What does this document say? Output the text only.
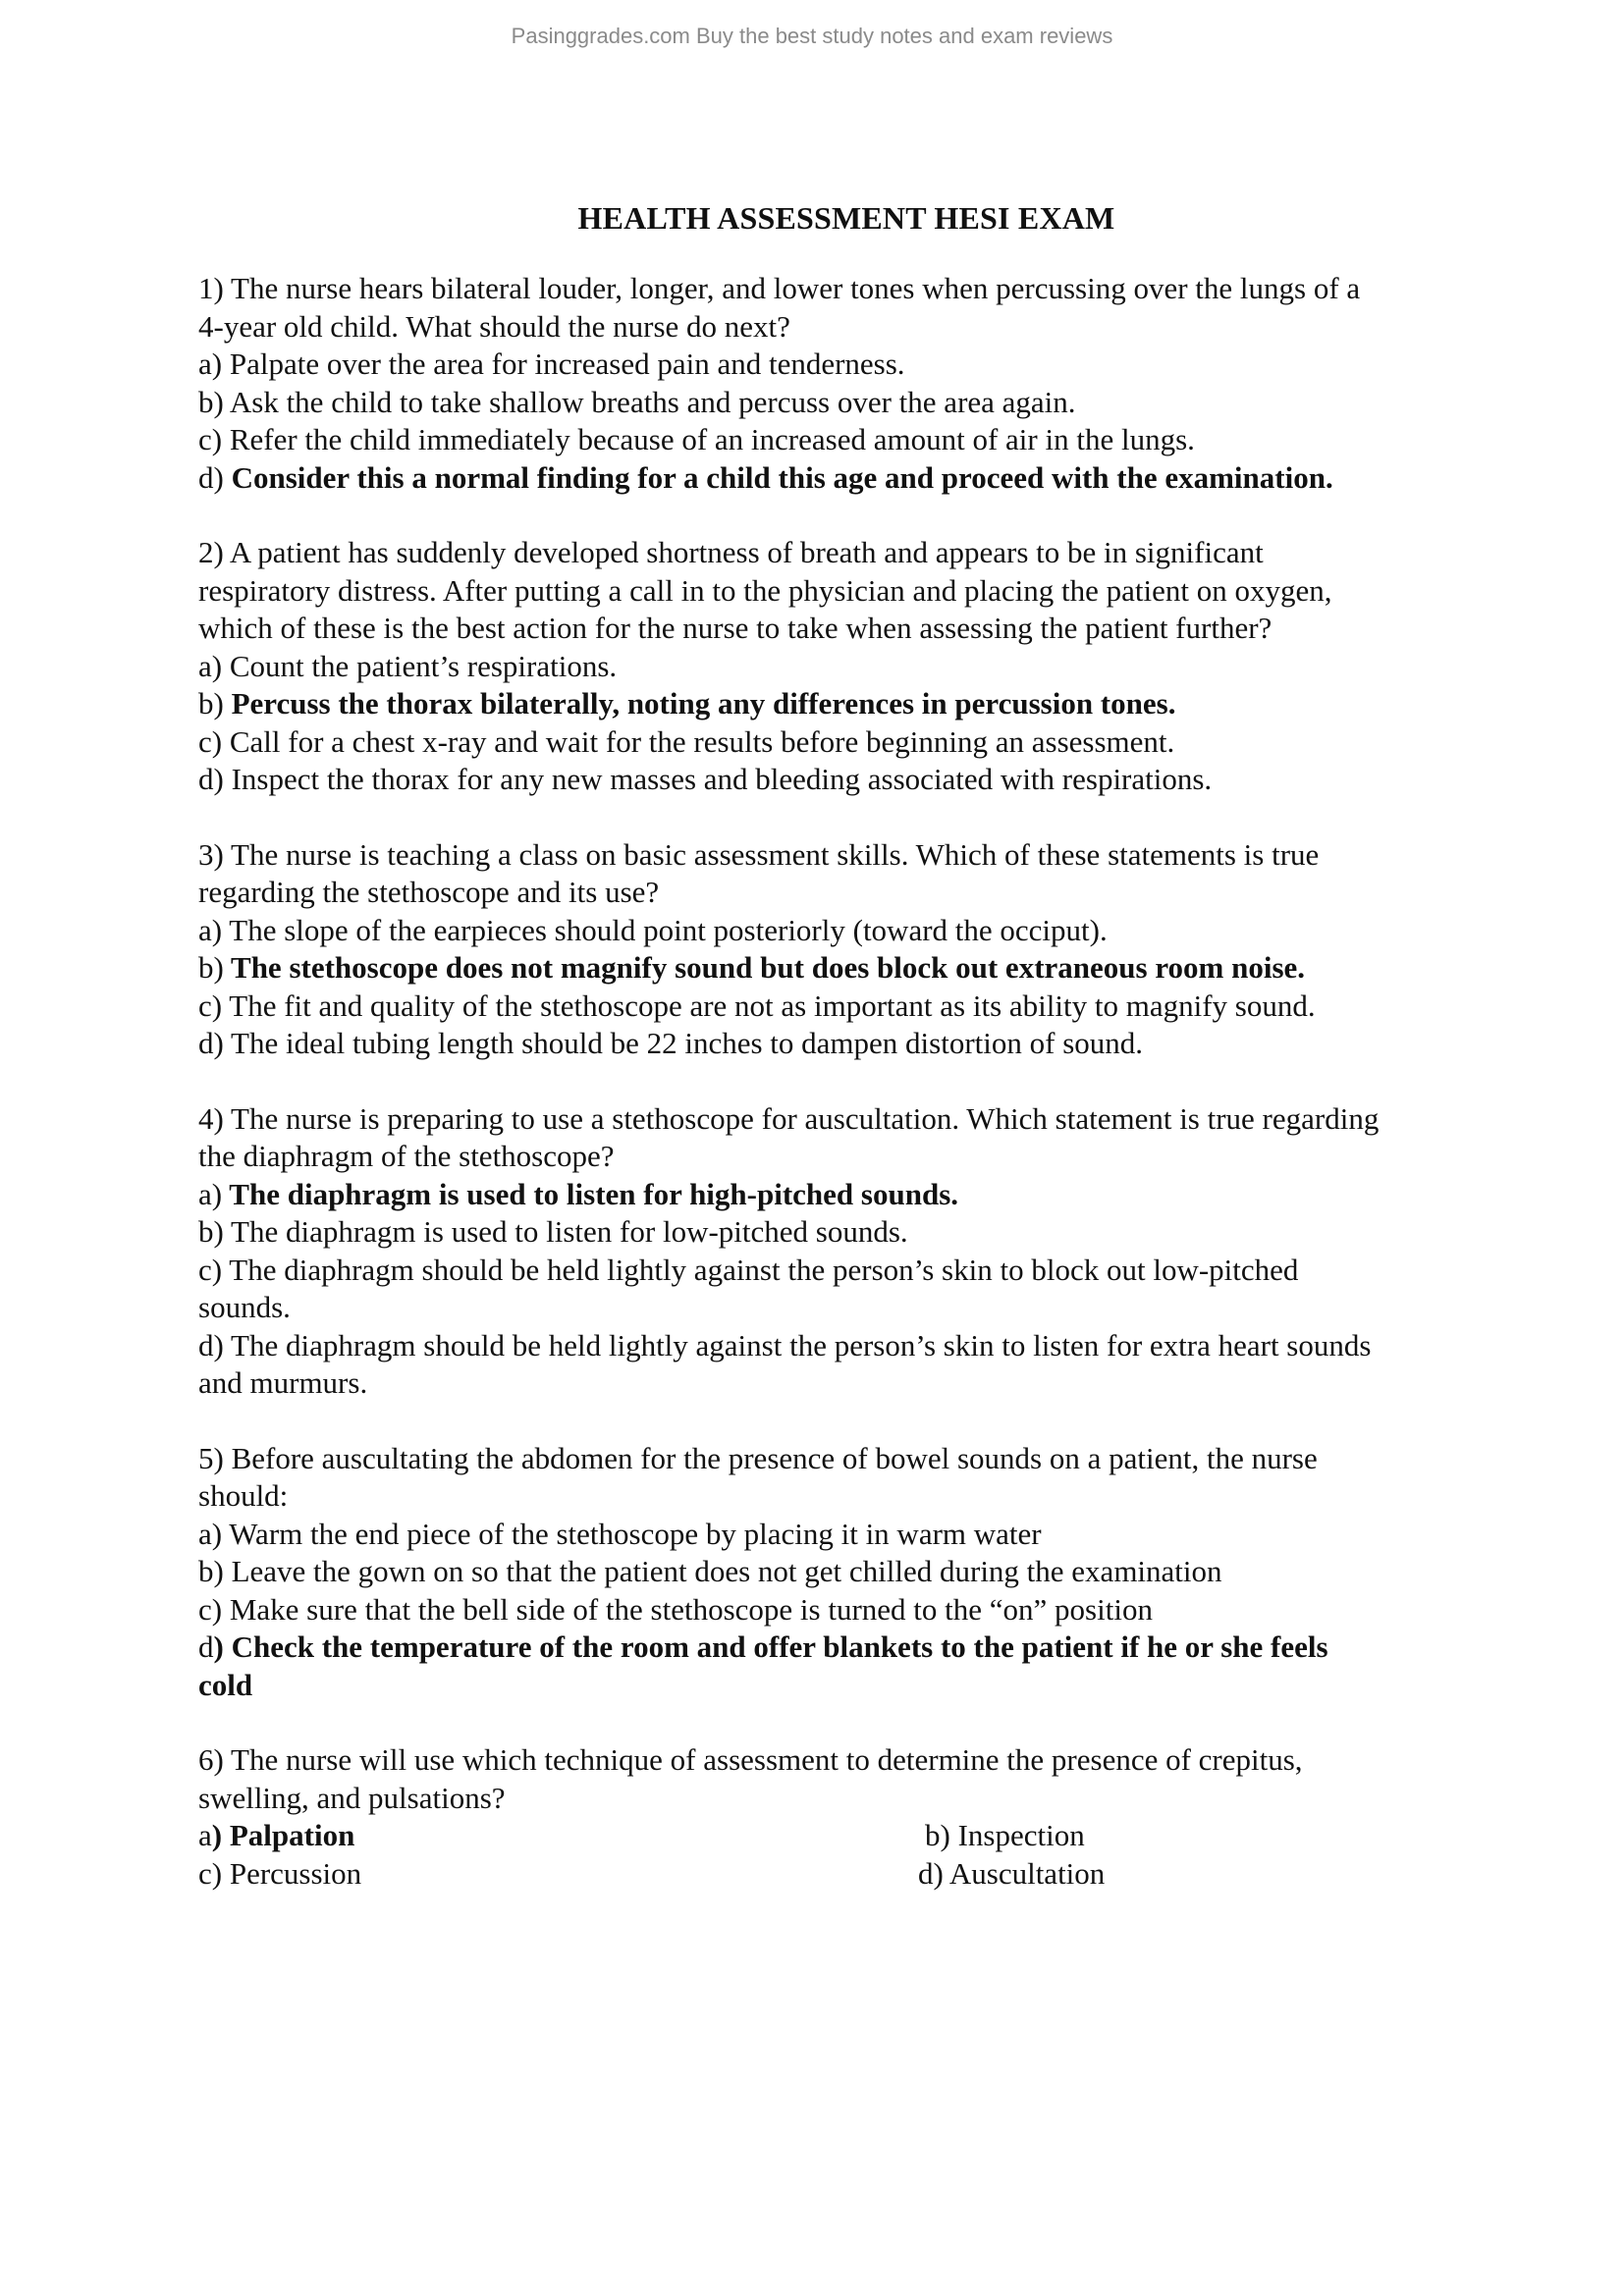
Pasinggrades.com Buy the best study notes and exam reviews
HEALTH ASSESSMENT HESI EXAM
1) The nurse hears bilateral louder, longer, and lower tones when percussing over the lungs of a
4-year old child. What should the nurse do next?
a) Palpate over the area for increased pain and tenderness.
b) Ask the child to take shallow breaths and percuss over the area again.
c) Refer the child immediately because of an increased amount of air in the lungs.
d) Consider this a normal finding for a child this age and proceed with the examination.
2) A patient has suddenly developed shortness of breath and appears to be in significant
respiratory distress. After putting a call in to the physician and placing the patient on oxygen,
which of these is the best action for the nurse to take when assessing the patient further?
a) Count the patient’s respirations.
b) Percuss the thorax bilaterally, noting any differences in percussion tones.
c) Call for a chest x-ray and wait for the results before beginning an assessment.
d) Inspect the thorax for any new masses and bleeding associated with respirations.
3) The nurse is teaching a class on basic assessment skills. Which of these statements is true
regarding the stethoscope and its use?
a) The slope of the earpieces should point posteriorly (toward the occiput).
b) The stethoscope does not magnify sound but does block out extraneous room noise.
c) The fit and quality of the stethoscope are not as important as its ability to magnify sound.
d) The ideal tubing length should be 22 inches to dampen distortion of sound.
4) The nurse is preparing to use a stethoscope for auscultation. Which statement is true regarding
the diaphragm of the stethoscope?
a) The diaphragm is used to listen for high-pitched sounds.
b) The diaphragm is used to listen for low-pitched sounds.
c) The diaphragm should be held lightly against the person’s skin to block out low-pitched
sounds.
d) The diaphragm should be held lightly against the person’s skin to listen for extra heart sounds
and murmurs.
5) Before auscultating the abdomen for the presence of bowel sounds on a patient, the nurse
should:
a) Warm the end piece of the stethoscope by placing it in warm water
b) Leave the gown on so that the patient does not get chilled during the examination
c) Make sure that the bell side of the stethoscope is turned to the “on” position
d) Check the temperature of the room and offer blankets to the patient if he or she feels
cold
6) The nurse will use which technique of assessment to determine the presence of crepitus,
swelling, and pulsations?
a) Palpation	b) Inspection
c) Percussion	d) Auscultation
